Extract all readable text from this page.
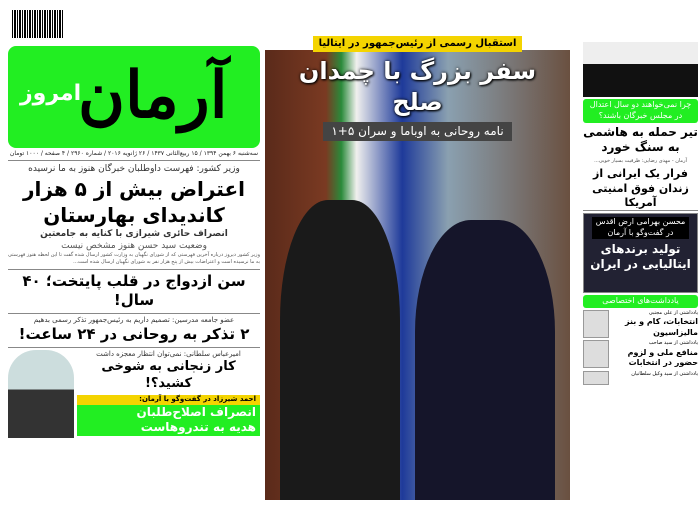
آرمان
امروز
سه‌شنبه ۶ بهمن ۱۳۹۴ / ۱۵ ربیع‌الثانی ۱۴۳۷ / ۲۶ ژانویه ۲۰۱۶ / شماره ۲۹۶۰ / ۴ صفحه / ۱۰۰۰ تومان
وزیر کشور: فهرست داوطلبان خبرگان هنوز به ما نرسیده
اعتراض بیش از ۵ هزار
کاندیدای بهارستان
انصراف حائری شیرازی با کنایه به جامعتین
وضعیت سید حسن هنوز مشخص نیست
وزیر کشور دیروز درباره آخرین فهرستی که از شورای نگهبان به وزارت کشور ارسال شده گفت تا این لحظه هنوز فهرستی به ما نرسیده است و اعتراضات بیش از پنج هزار نفر به شورای نگهبان ارسال شده است...
سن ازدواج در قلب پایتخت؛ ۴۰ سال!
عضو جامعه مدرسین: تصمیم داریم به رئیس‌جمهور تذکر رسمی بدهیم
۲ تذکر به روحانی در ۲۴ ساعت!
امیرعباس سلطانی: نمی‌توان انتظار معجزه داشت
کار زنجانی به شوخی کشید؟!
احمد شیرزاد در گفت‌وگو با آرمان:
انصراف اصلاح‌طلبان
هدیه به تندروهاست
استقبال رسمی از رئیس‌جمهور در ایتالیا
سفر بزرگ با چمدان صلح
نامه روحانی به اوباما و سران ۵+۱
چرا نمی‌خواهند دو سال اعتدال در مجلس خبرگان باشند؟
تیر حمله به هاشمی به سنگ خورد
آرمان - مهدی رضایی: ظرفیت بسیار خوبی...
فرار یک ایرانی از زندان فوق امنیتی آمریکا
محسن بهرامی ارض اقدس در گفت‌وگو با آرمان
تولید برندهای ایتالیایی در ایران
یادداشت‌های اختصاصی
یادداشتی از علی مجتبی
انتخابات، کام و بنز مالیزاسیون
یادداشتی از سید صاحب
منافع ملی و لزوم حضور در انتخابات
یادداشتی از سید وکیل سلطانیان
